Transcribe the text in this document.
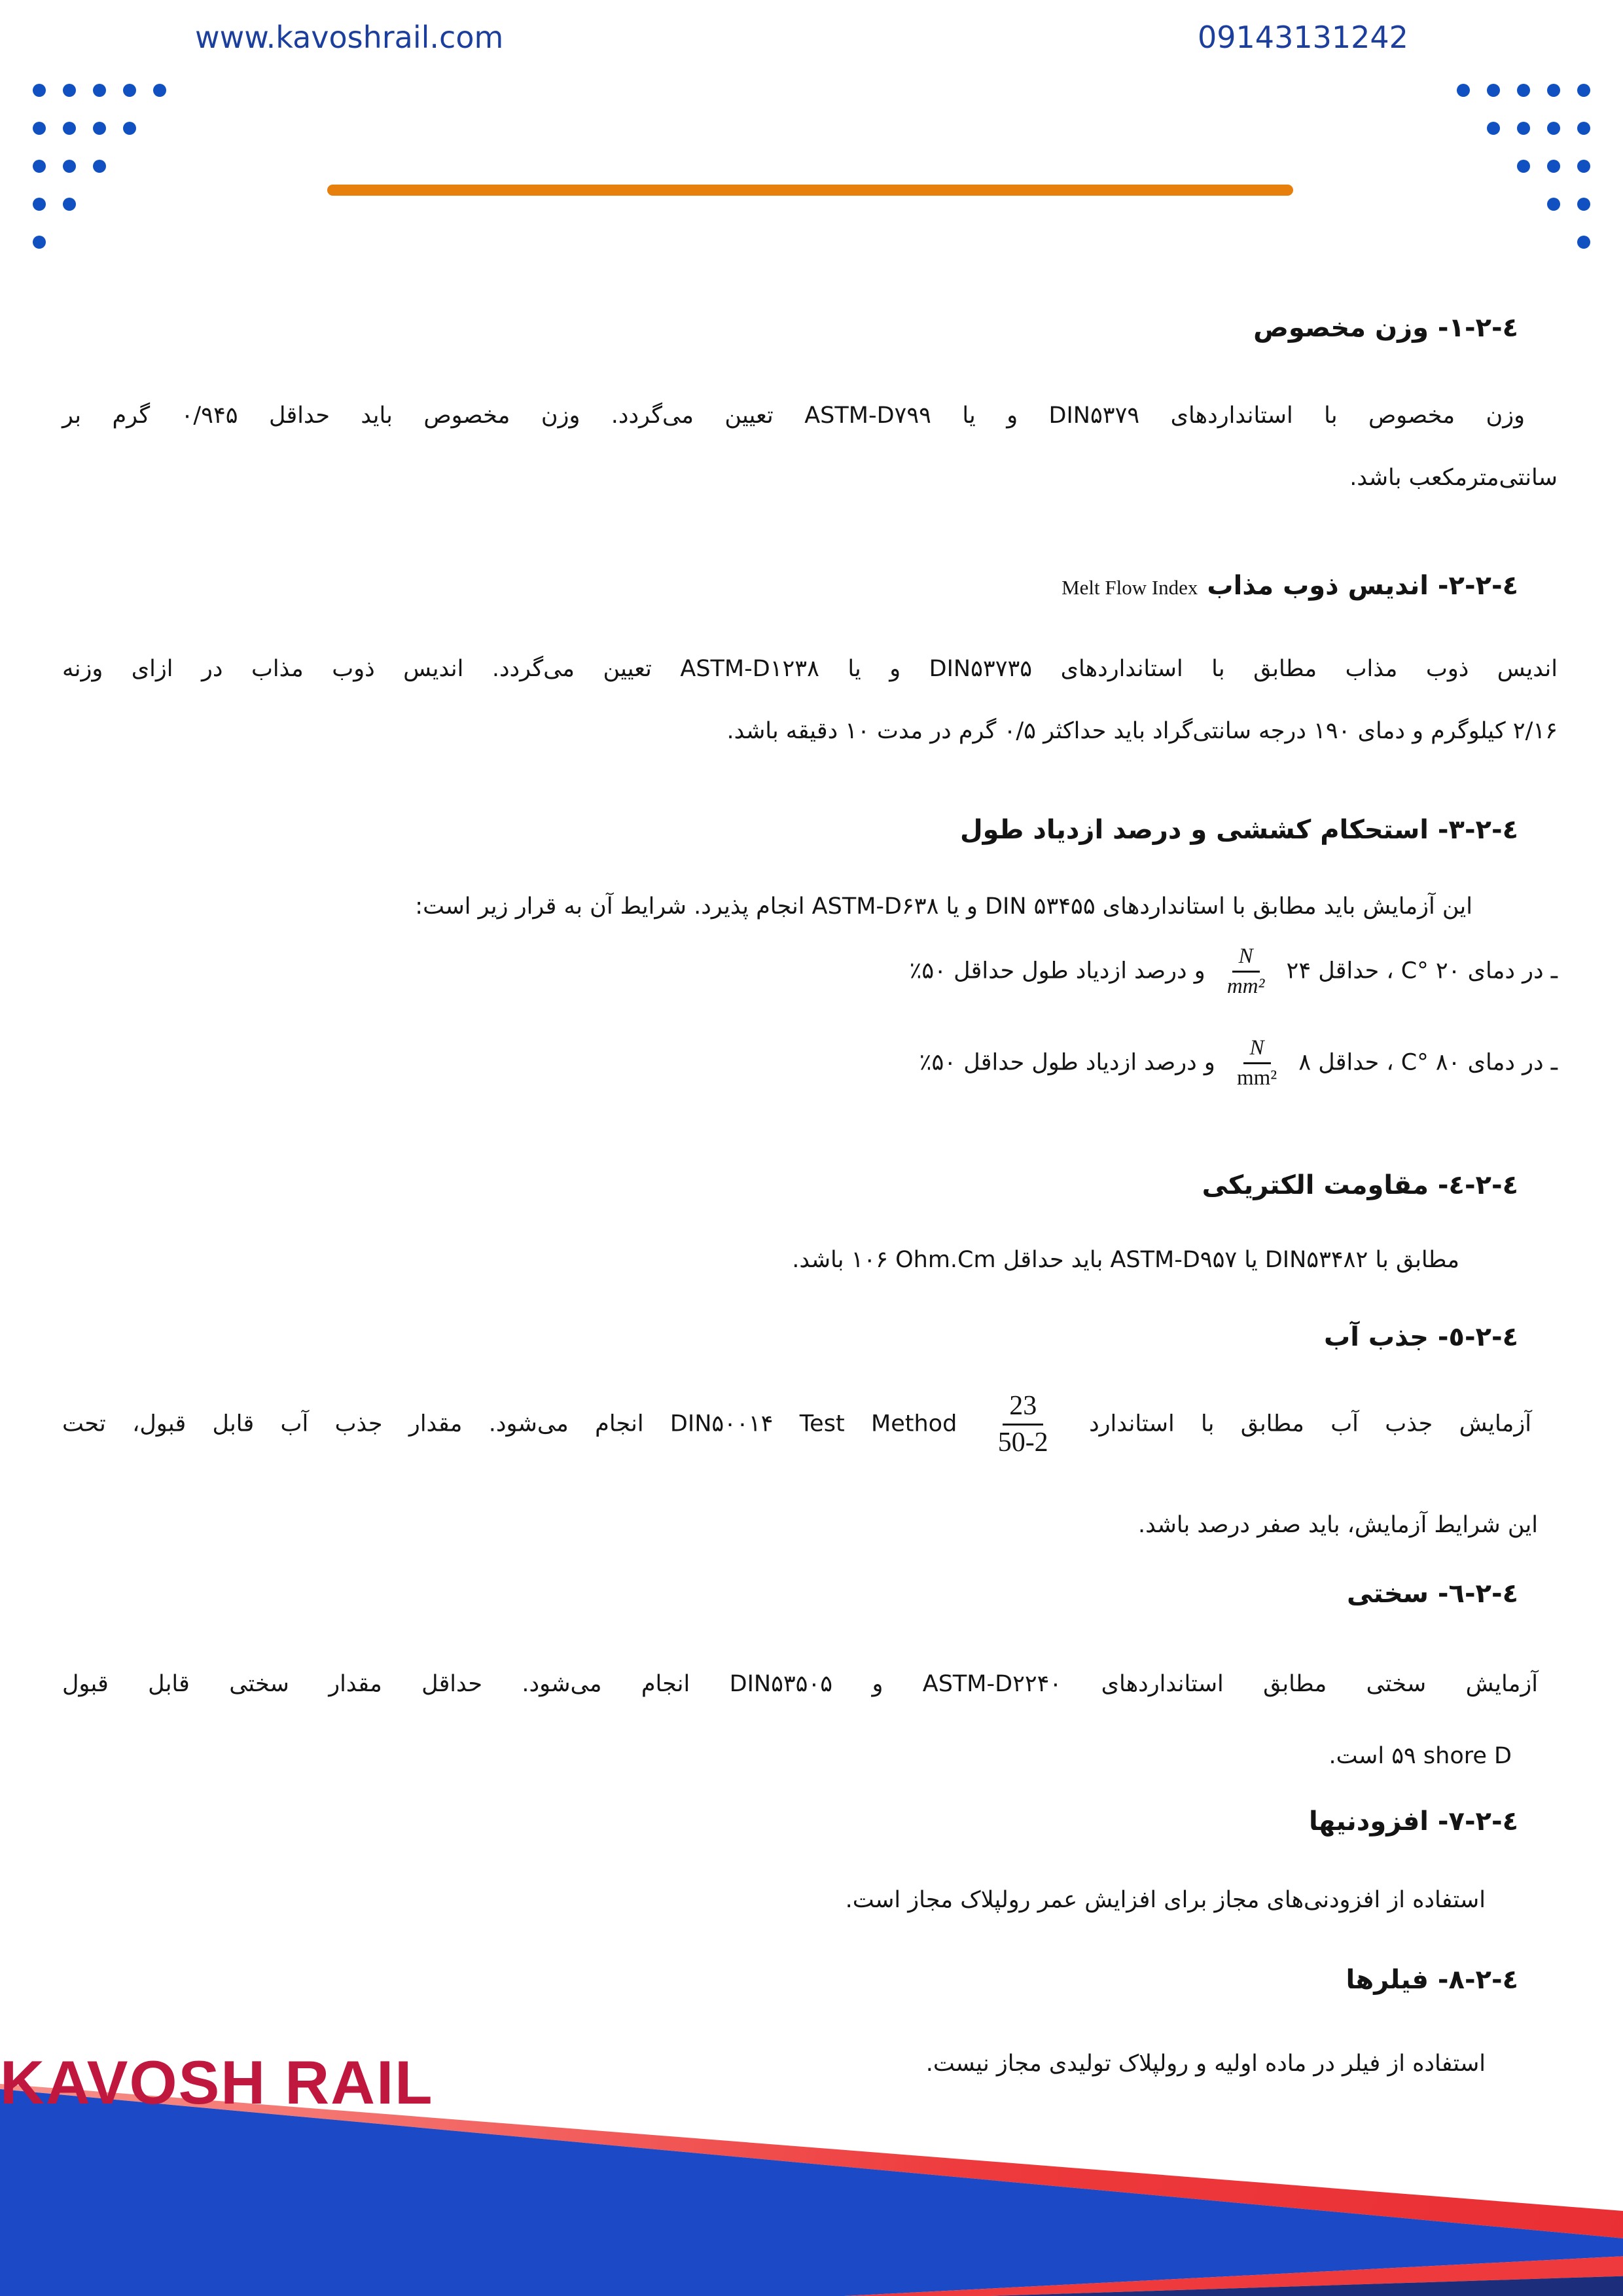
www.kavoshrail.com	09143131242
٤-٢-١- وزن مخصوص
وزن مخصوص با استانداردهای DIN۵۳۷۹ و یا ASTM-D۷۹۹ تعیین می‌گردد. وزن مخصوص باید حداقل ۰/۹۴۵ گرم بر
سانتی‌مترمکعب باشد.
٤-٢-٢- اندیس ذوب مذاب Melt Flow Index
اندیس ذوب مذاب مطابق با استانداردهای DIN۵۳۷۳۵ و یا ASTM-D۱۲۳۸ تعیین می‌گردد. اندیس ذوب مذاب در ازای وزنه
۲/۱۶ کیلوگرم و دمای ۱۹۰ درجه سانتی‌گراد باید حداکثر ۰/۵ گرم در مدت ۱۰ دقیقه باشد.
٤-٢-٣- استحکام کششی و درصد ازدیاد طول
این آزمایش باید مطابق با استانداردهای DIN ‎۵۳۴۵۵ و یا ASTM-D۶۳۸ انجام پذیرد. شرایط آن به قرار زیر است:
ـ در دمای ۲۰ °C ، حداقل ۲۴
$\frac{N}{\text{mm²}}$
و درصد ازدیاد طول حداقل ۵۰٪
ـ در دمای ۸۰ °C ، حداقل ۸
$\frac{N}{\text{mm²}}$
و درصد ازدیاد طول حداقل ۵۰٪
٤-٢-٤- مقاومت الکتریکی
مطابق با DIN۵۳۴۸۲ یا ASTM-D۹۵۷ باید حداقل ۱۰۶‎ Ohm.Cm باشد.
٤-٢-٥- جذب آب
آزمایش جذب آب مطابق با استاندارد
$\frac{23}{50-2}$
DIN۵۰۰۱۴‎ Test Method انجام می‌شود. مقدار جذب آب قابل قبول، تحت
این شرایط آزمایش، باید صفر درصد باشد.
٤-٢-٦- سختی
آزمایش سختی مطابق استانداردهای ASTM-D۲۲۴۰ و DIN۵۳۵۰۵ انجام می‌شود. حداقل مقدار سختی قابل قبول
۵۹‎ shore D است.
٤-٢-٧- افزودنیها
استفاده از افزودنی‌های مجاز برای افزایش عمر رولپلاک مجاز است.
٤-٢-٨- فیلرها
استفاده از فیلر در ماده اولیه و رولپلاک تولیدی مجاز نیست.
KAVOSH RAIL
